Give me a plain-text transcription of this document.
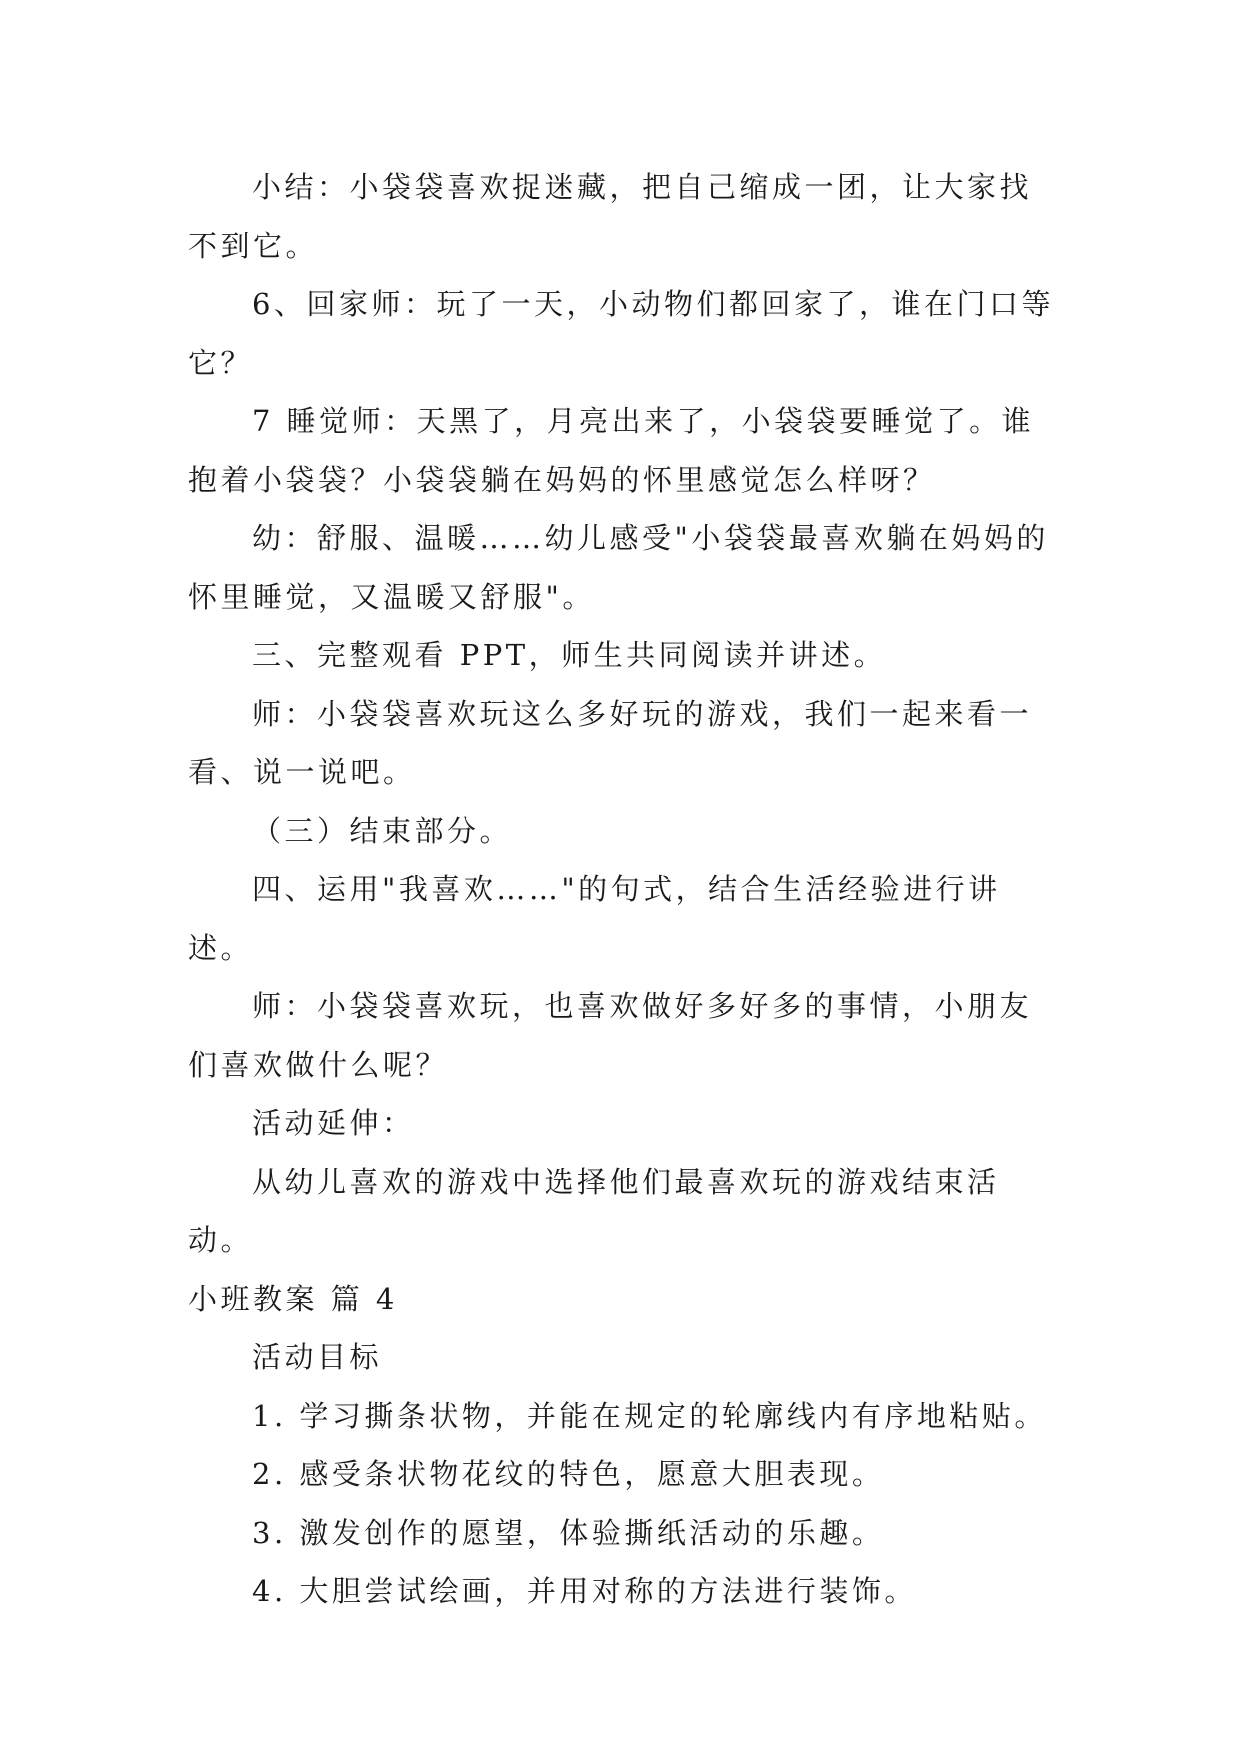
小结：小袋袋喜欢捉迷藏，把自己缩成一团，让大家找不到它。

6、回家师：玩了一天，小动物们都回家了，谁在门口等它？

7 睡觉师：天黑了，月亮出来了，小袋袋要睡觉了。谁抱着小袋袋？小袋袋躺在妈妈的怀里感觉怎么样呀？

幼：舒服、温暖……幼儿感受"小袋袋最喜欢躺在妈妈的怀里睡觉，又温暖又舒服"。

三、完整观看 PPT，师生共同阅读并讲述。

师：小袋袋喜欢玩这么多好玩的游戏，我们一起来看一看、说一说吧。

（三）结束部分。

四、运用"我喜欢……"的句式，结合生活经验进行讲述。

师：小袋袋喜欢玩，也喜欢做好多好多的事情，小朋友们喜欢做什么呢？

活动延伸：

从幼儿喜欢的游戏中选择他们最喜欢玩的游戏结束活动。

小班教案 篇 4

活动目标

1. 学习撕条状物，并能在规定的轮廓线内有序地粘贴。

2. 感受条状物花纹的特色，愿意大胆表现。

3. 激发创作的愿望，体验撕纸活动的乐趣。

4. 大胆尝试绘画，并用对称的方法进行装饰。
